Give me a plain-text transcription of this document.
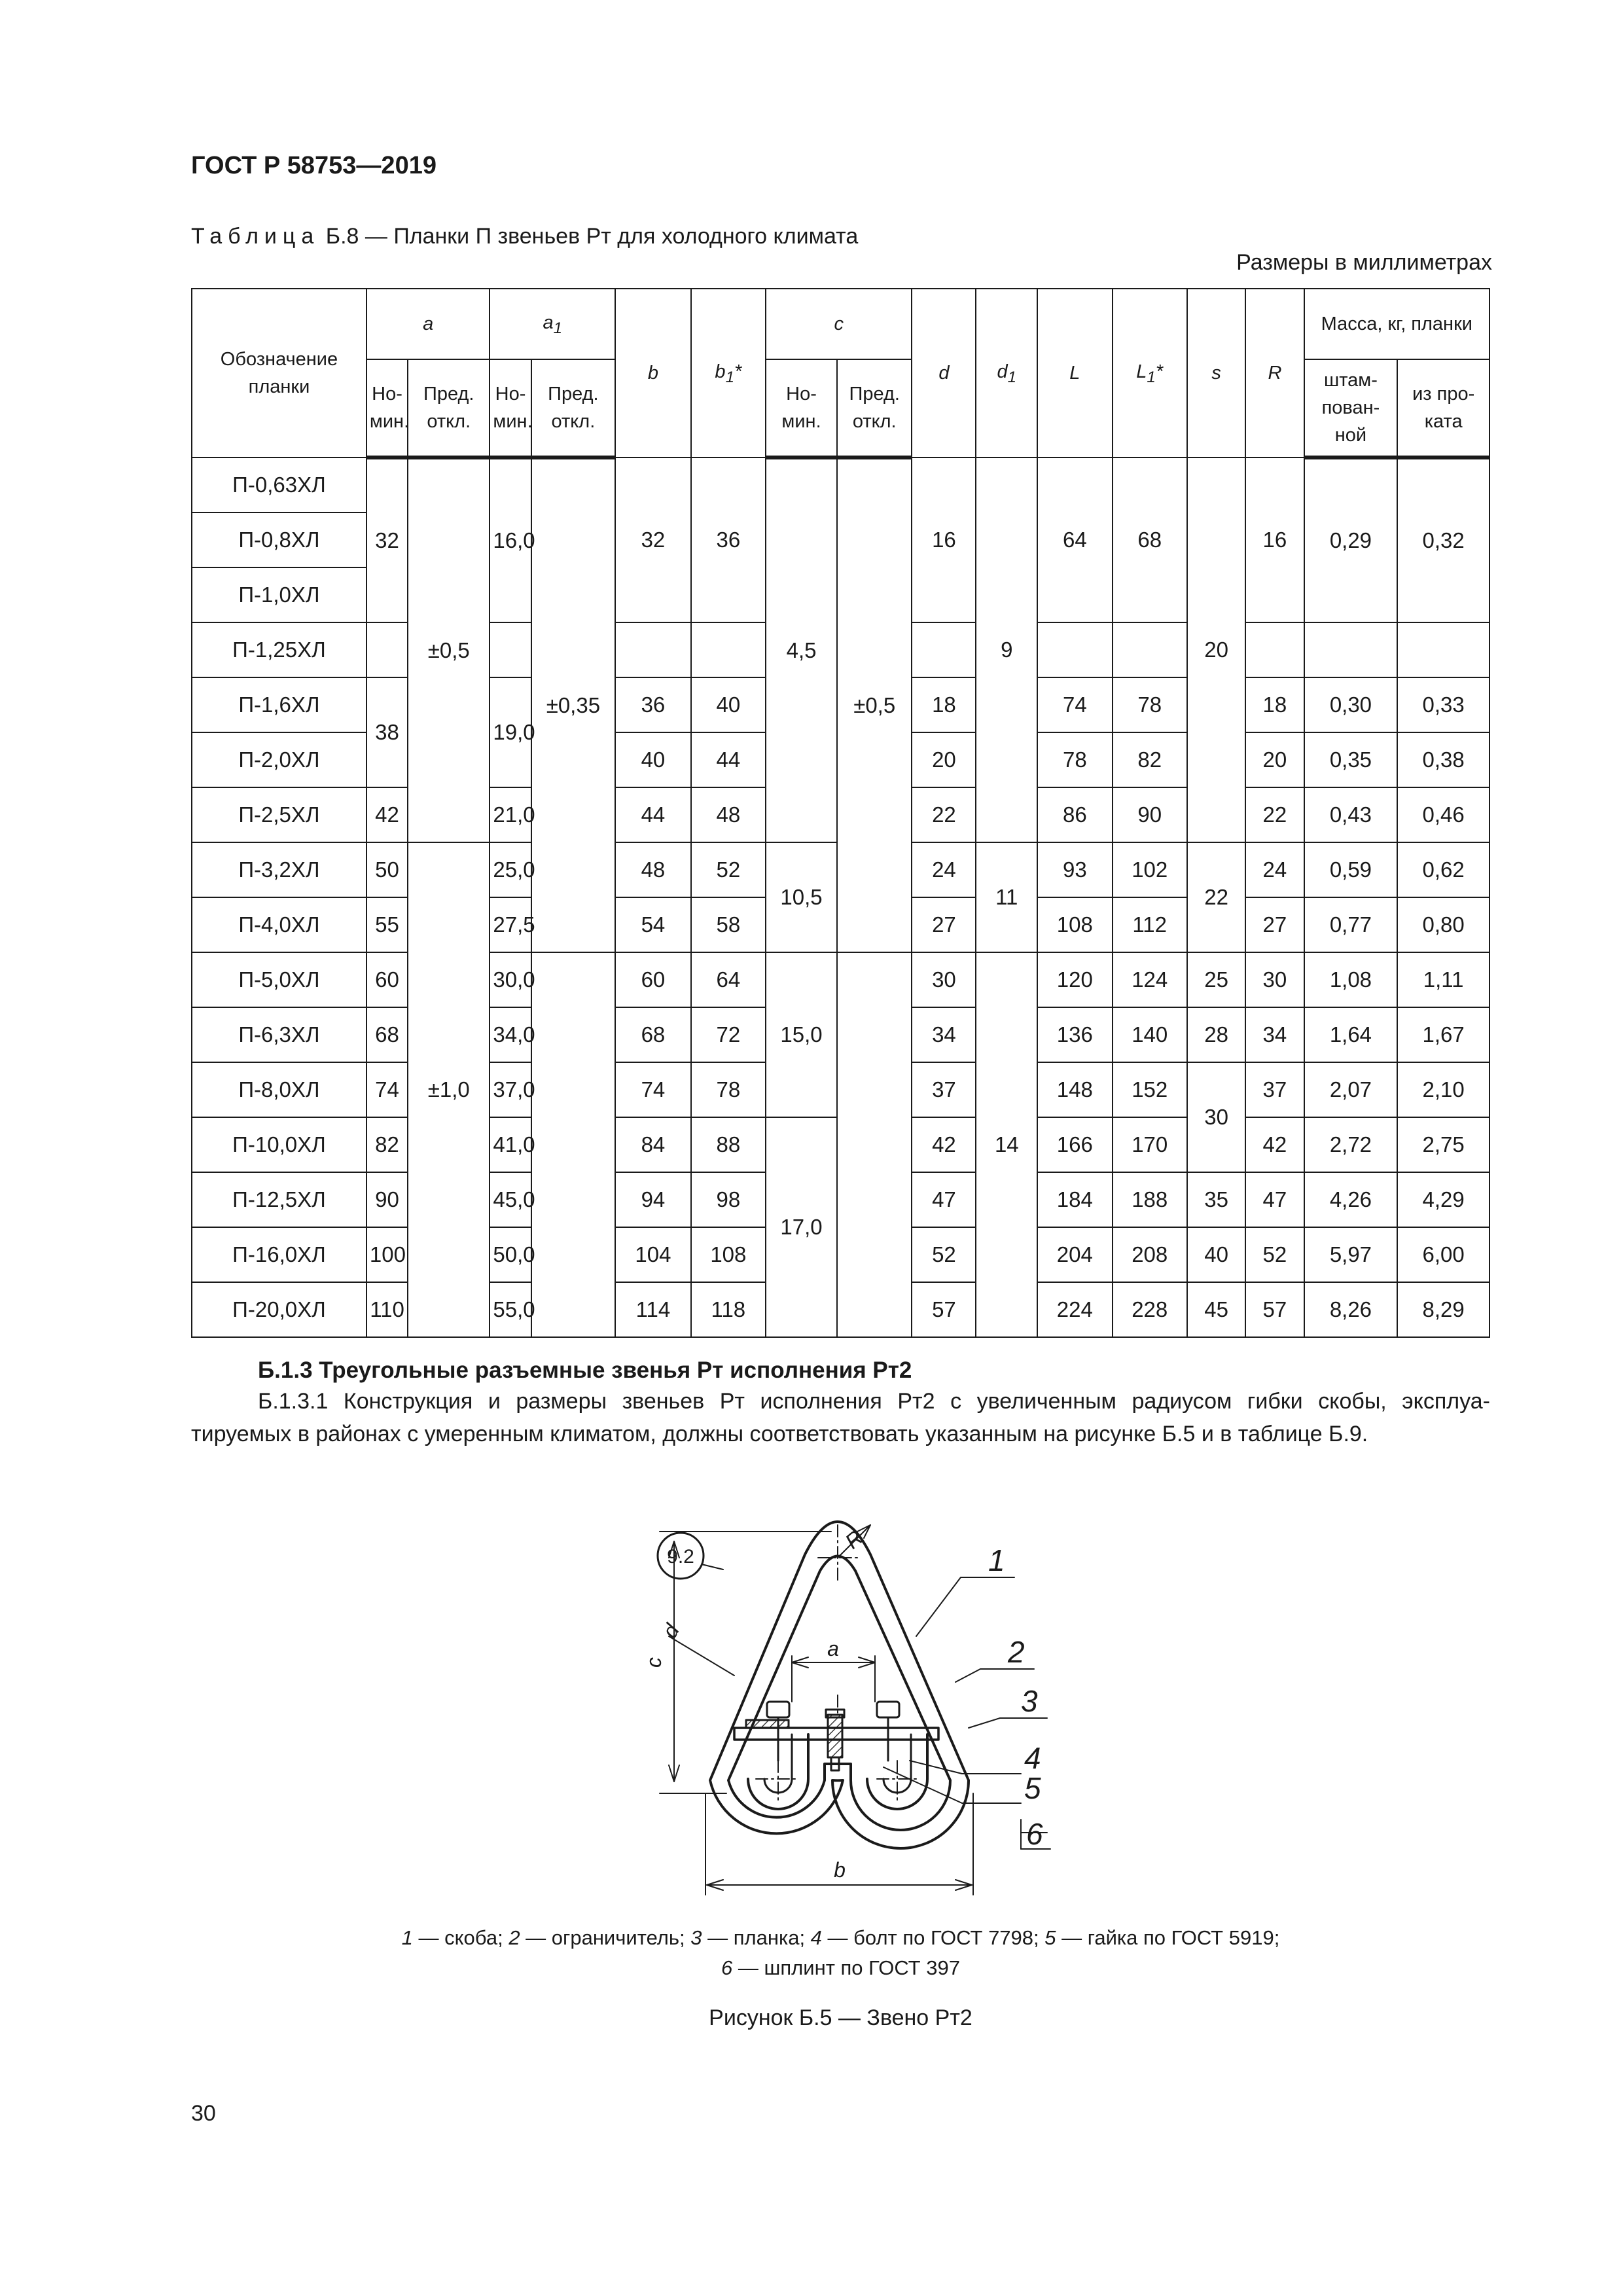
ГОСТ Р 58753—2019
Таблица Б.8 — Планки П звеньев Рт для холодного климата
Размеры в миллиметрах
Обозначение планки	a		$a_1$		b	$b_1*$	c		d	$d_1$	L	$L_1*$	s	R	Масса, кг, планки	
	Но-мин.	Пред. откл.	Но-мин.	Пред. откл.			Но-мин.	Пред. откл.							штам-пован-ной	из про-ката
П-0,63ХЛ	32	±0,5	16,0	±0,35	32	36	4,5	±0,5	16	9	64	68	20	16	0,29	0,32
П-0,8ХЛ																
П-1,0ХЛ																
П-1,25ХЛ																
П-1,6ХЛ	38		19,0		36	40			18		74	78		18	0,30	0,33
П-2,0ХЛ					40	44			20		78	82		20	0,35	0,38
П-2,5ХЛ	42		21,0		44	48			22		86	90		22	0,43	0,46
П-3,2ХЛ	50	±1,0	25,0		48	52	10,5		24	11	93	102	22	24	0,59	0,62
П-4,0ХЛ	55		27,5		54	58			27		108	112		27	0,77	0,80
П-5,0ХЛ	60		30,0		60	64	15,0		30	14	120	124	25	30	1,08	1,11
П-6,3ХЛ	68		34,0		68	72			34		136	140	28	34	1,64	1,67
П-8,0ХЛ	74		37,0		74	78			37		148	152	30	37	2,07	2,10
П-10,0ХЛ	82		41,0		84	88	17,0		42		166	170		42	2,72	2,75
П-12,5ХЛ	90		45,0		94	98			47		184	188	35	47	4,26	4,29
П-16,0ХЛ	100		50,0		104	108			52		204	208	40	52	5,97	6,00
П-20,0ХЛ	110		55,0		114	118			57		224	228	45	57	8,26	8,29
Б.1.3 Треугольные разъемные звенья Рт исполнения Рт2
Б.1.3.1 Конструкция и размеры звеньев Рт исполнения Рт2 с увеличенным радиусом гибки скобы, эксплуа-
тируемых в районах с умеренным климатом, должны соответствовать указанным на рисунке Б.5 и в таблице Б.9.
9.2
R
a
c
d
b
1
2
3
4
5
6
1 — скоба; 2 — ограничитель; 3 — планка; 4 — болт по ГОСТ 7798; 5 — гайка по ГОСТ 5919;
6 — шплинт по ГОСТ 397
Рисунок Б.5 — Звено Рт2
30
